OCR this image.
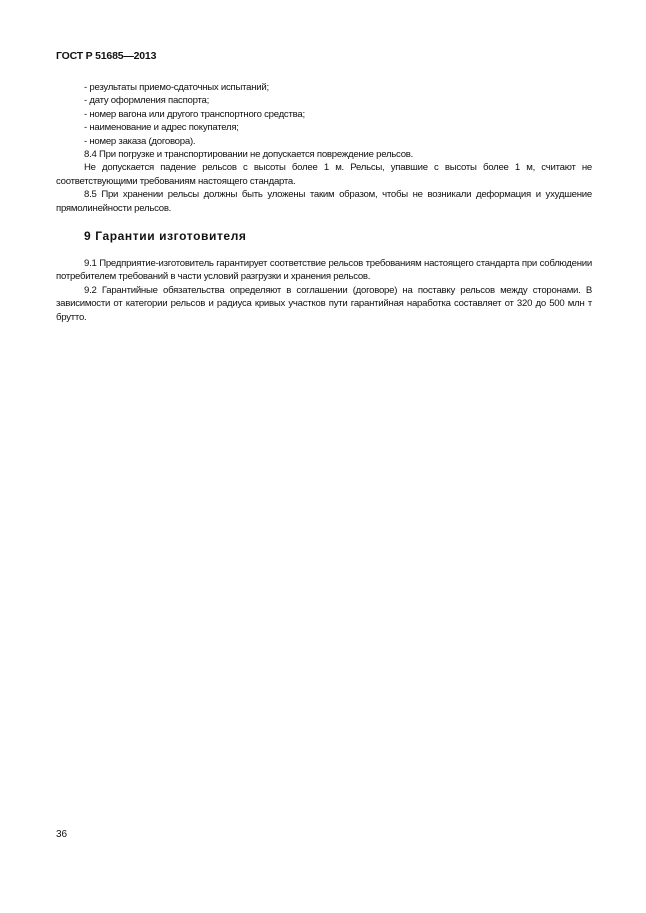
ГОСТ Р 51685—2013
- результаты приемо-сдаточных испытаний;
- дату оформления паспорта;
- номер вагона или другого транспортного средства;
- наименование и адрес покупателя;
- номер заказа (договора).
8.4 При погрузке и транспортировании не допускается повреждение рельсов.
Не допускается падение рельсов с высоты более 1 м. Рельсы, упавшие с высоты более 1 м, считают не соответствующими требованиям настоящего стандарта.
8.5 При хранении рельсы должны быть уложены таким образом, чтобы не возникали деформация и ухудшение прямолинейности рельсов.
9 Гарантии изготовителя
9.1 Предприятие-изготовитель гарантирует соответствие рельсов требованиям настоящего стандарта при соблюдении потребителем требований в части условий разгрузки и хранения рельсов.
9.2 Гарантийные обязательства определяют в соглашении (договоре) на поставку рельсов между сторонами. В зависимости от категории рельсов и радиуса кривых участков пути гарантийная наработка составляет от 320 до 500 млн т брутто.
36
